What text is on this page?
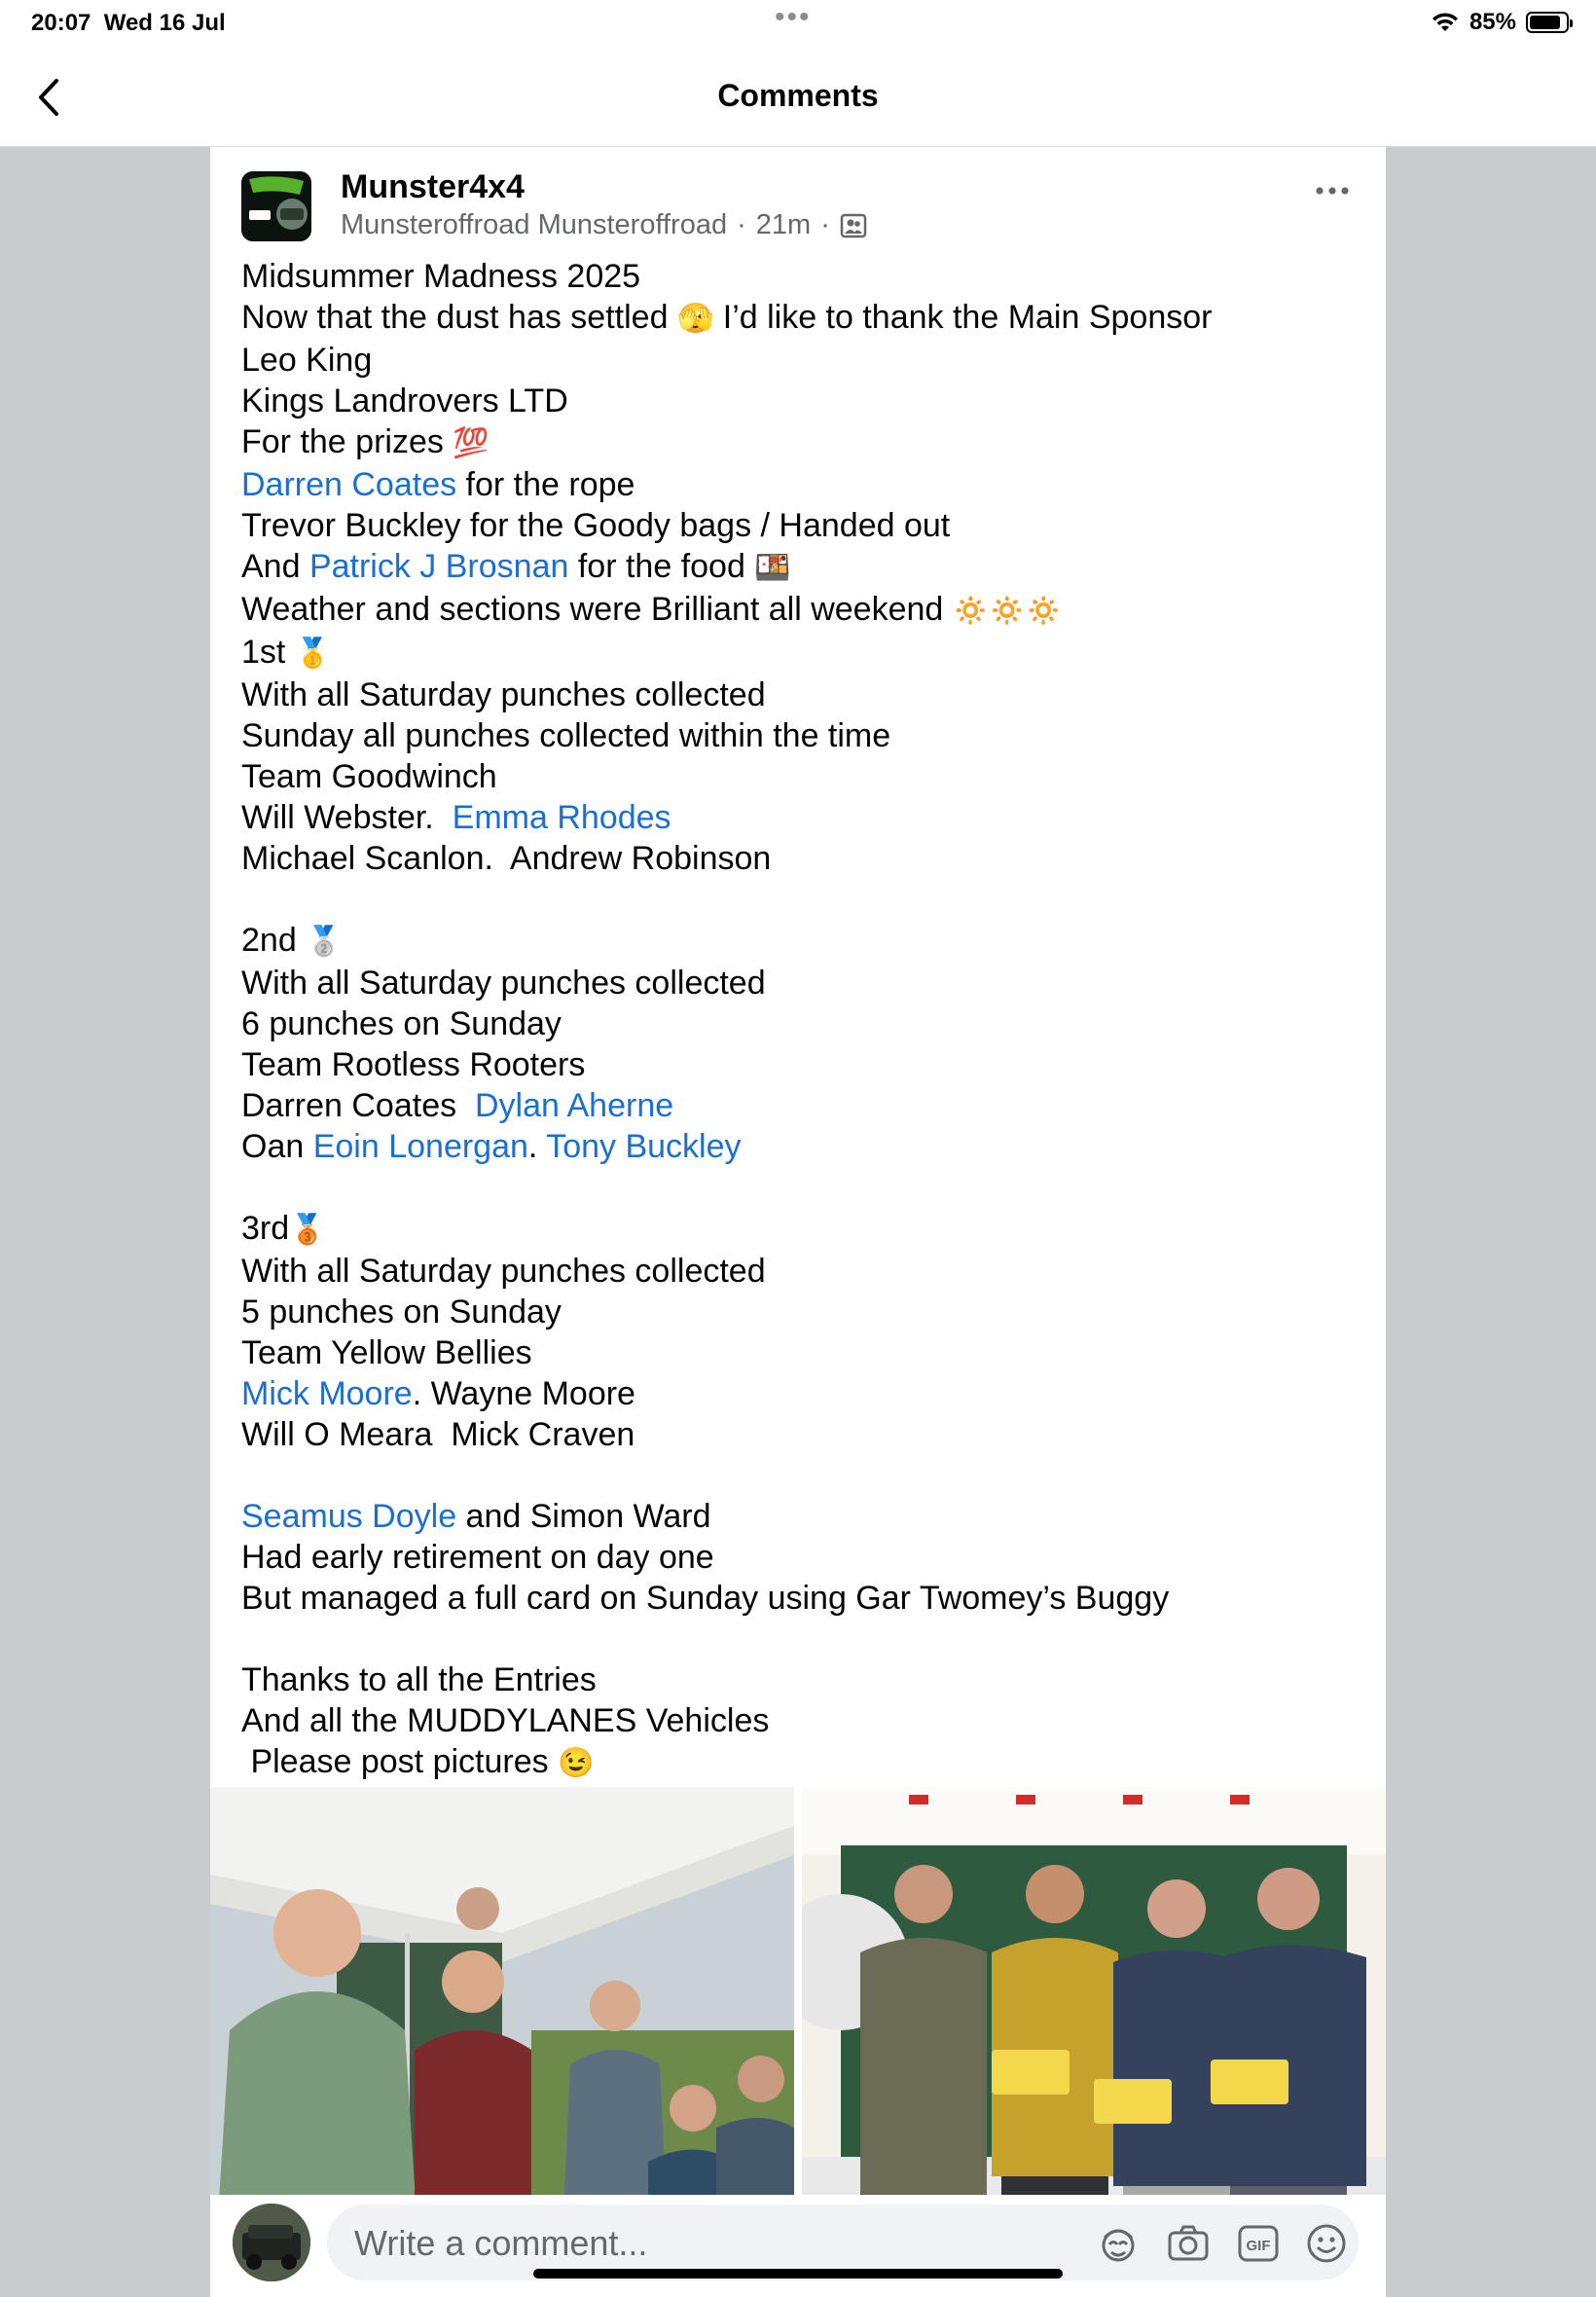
20:07 Wed 16 Jul	•••	85%
Comments
Munster4x4
Munsteroffroad Munsteroffroad · 21m ·
Midsummer Madness 2025
Now that the dust has settled 🫣 I’d like to thank the Main Sponsor
Leo King
Kings Landrovers LTD
For the prizes 💯
Darren Coates for the rope
Trevor Buckley for the Goody bags / Handed out
And Patrick J Brosnan for the food 🍱
Weather and sections were Brilliant all weekend 🔅🔅🔅
1st 🥇
With all Saturday punches collected
Sunday all punches collected within the time
Team Goodwinch
Will Webster.  Emma Rhodes
Michael Scanlon.  Andrew Robinson

2nd 🥈
With all Saturday punches collected
6 punches on Sunday
Team Rootless Rooters
Darren Coates  Dylan Aherne
Oan Eoin Lonergan. Tony Buckley

3rd🥉
With all Saturday punches collected
5 punches on Sunday
Team Yellow Bellies
Mick Moore. Wayne Moore
Will O Meara  Mick Craven

Seamus Doyle and Simon Ward
Had early retirement on day one
But managed a full card on Sunday using Gar Twomey’s Buggy

Thanks to all the Entries
And all the MUDDYLANES Vehicles
Please post pictures 😉
Write a comment...
GIF
